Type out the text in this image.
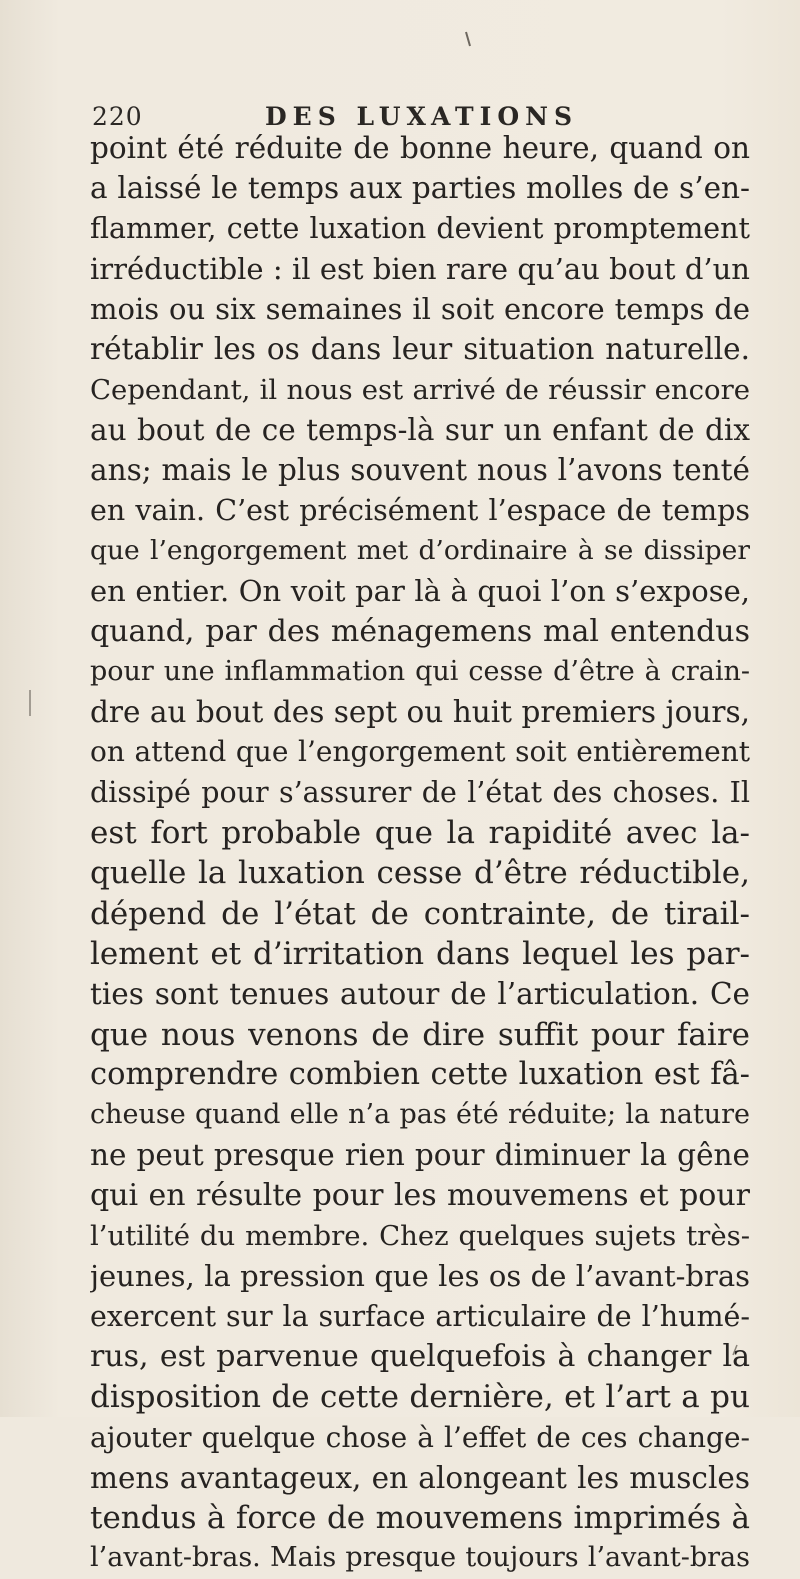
220	DES LUXATIONS
point été réduite de bonne heure, quand on
a laissé le temps aux parties molles de s’en-
flammer, cette luxation devient promptement
irréductible : il est bien rare qu’au bout d’un
mois ou six semaines il soit encore temps de
rétablir les os dans leur situation naturelle.
Cependant, il nous est arrivé de réussir encore
au bout de ce temps-là sur un enfant de dix
ans; mais le plus souvent nous l’avons tenté
en vain. C’est précisément l’espace de temps
que l’engorgement met d’ordinaire à se dissiper
en entier. On voit par là à quoi l’on s’expose,
quand, par des ménagemens mal entendus
pour une inflammation qui cesse d’être à crain-
dre au bout des sept ou huit premiers jours,
on attend que l’engorgement soit entièrement
dissipé pour s’assurer de l’état des choses. Il
est fort probable que la rapidité avec la-
quelle la luxation cesse d’être réductible,
dépend de l’état de contrainte, de tirail-
lement et d’irritation dans lequel les par-
ties sont tenues autour de l’articulation. Ce
que nous venons de dire suffit pour faire
comprendre combien cette luxation est fâ-
cheuse quand elle n’a pas été réduite; la nature
ne peut presque rien pour diminuer la gêne
qui en résulte pour les mouvemens et pour
l’utilité du membre. Chez quelques sujets très-
jeunes, la pression que les os de l’avant-bras
exercent sur la surface articulaire de l’humé-
rus, est parvenue quelquefois à changer la
disposition de cette dernière, et l’art a pu
ajouter quelque chose à l’effet de ces change-
mens avantageux, en alongeant les muscles
tendus à force de mouvemens imprimés à
l’avant-bras. Mais presque toujours l’avant-bras
